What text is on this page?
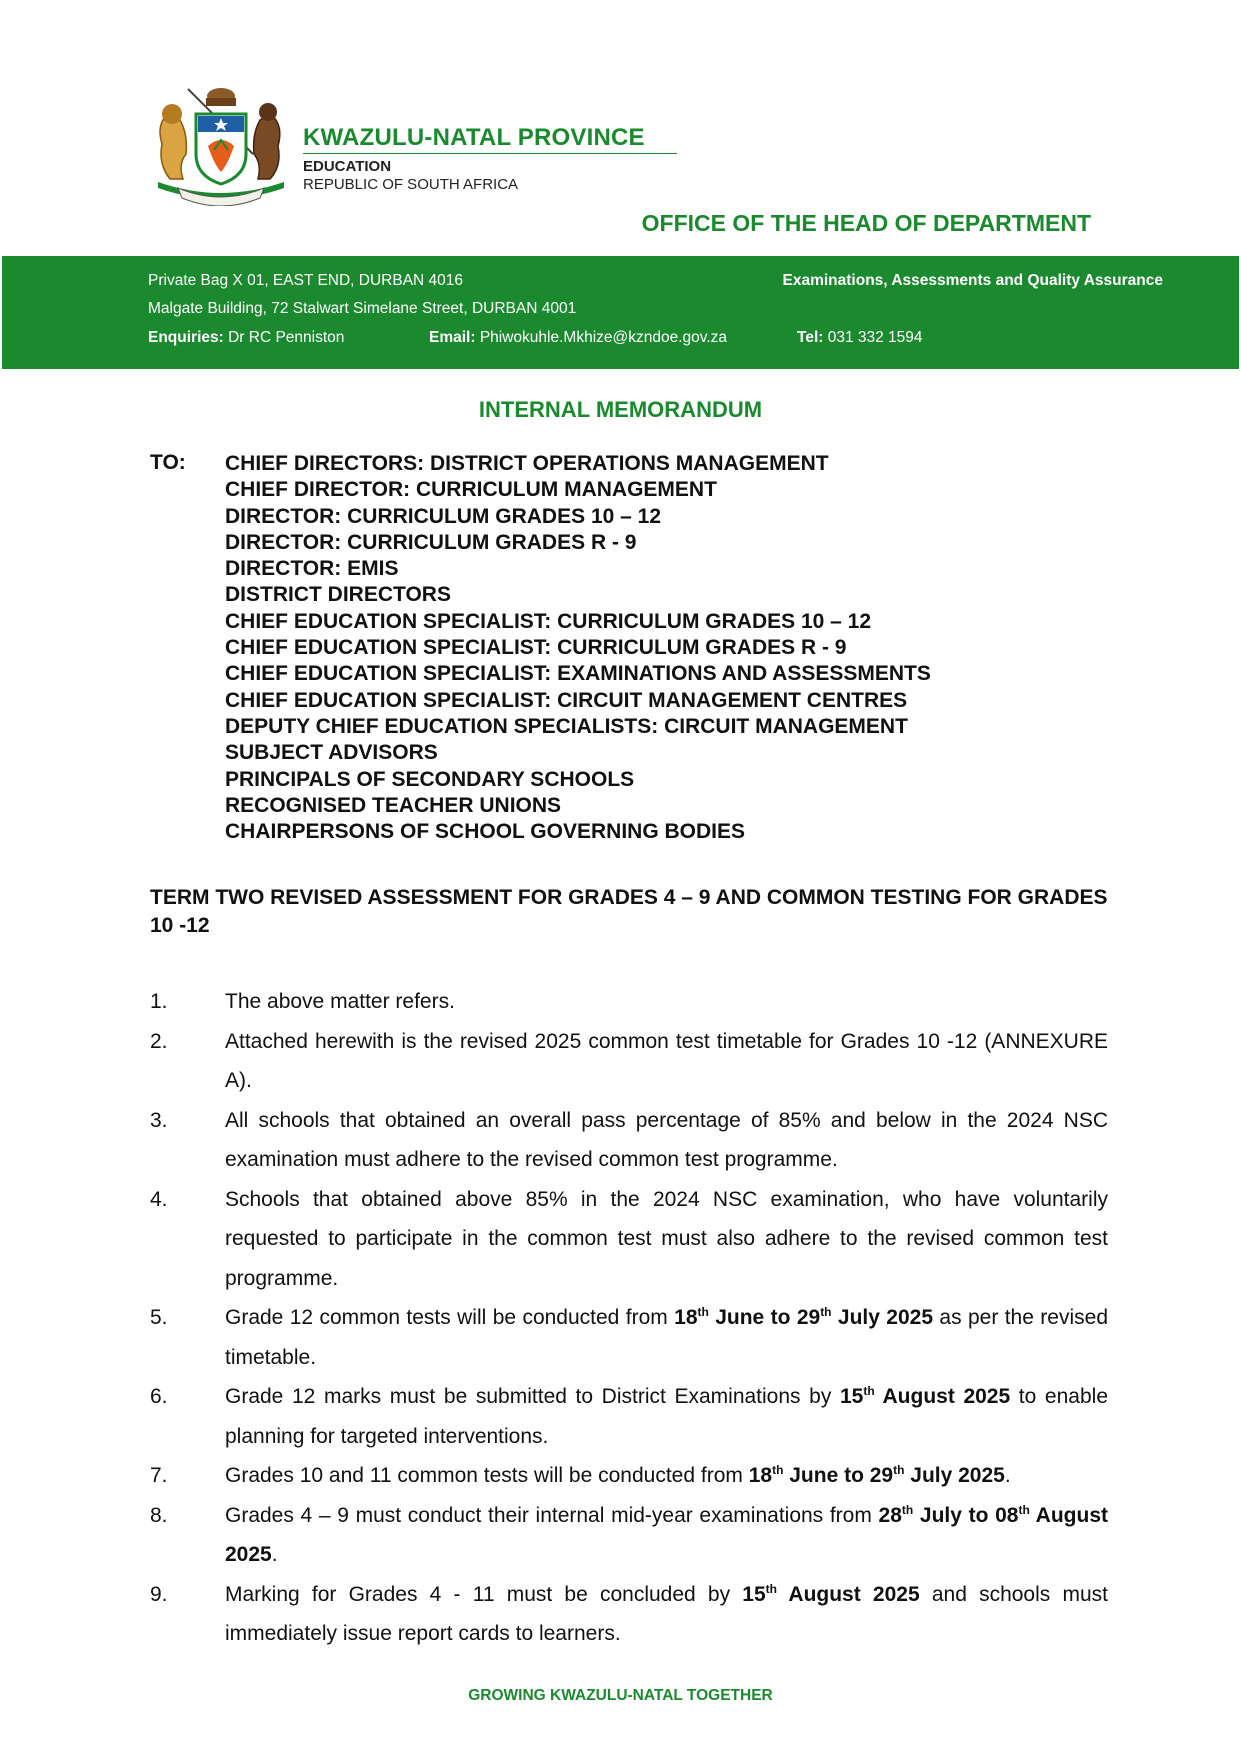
KWAZULU-NATAL PROVINCE
EDUCATION
REPUBLIC OF SOUTH AFRICA
OFFICE OF THE HEAD OF DEPARTMENT
Private Bag X 01, EAST END, DURBAN 4016	Examinations, Assessments and Quality Assurance
Malgate Building, 72 Stalwart Simelane Street, DURBAN 4001
Enquiries: Dr RC Penniston	Email: Phiwokuhle.Mkhize@kzndoe.gov.za	Tel: 031 332 1594
INTERNAL MEMORANDUM
TO: CHIEF DIRECTORS: DISTRICT OPERATIONS MANAGEMENT
CHIEF DIRECTOR: CURRICULUM MANAGEMENT
DIRECTOR: CURRICULUM GRADES 10 – 12
DIRECTOR: CURRICULUM GRADES R - 9
DIRECTOR: EMIS
DISTRICT DIRECTORS
CHIEF EDUCATION SPECIALIST: CURRICULUM GRADES 10 – 12
CHIEF EDUCATION SPECIALIST: CURRICULUM GRADES R - 9
CHIEF EDUCATION SPECIALIST: EXAMINATIONS AND ASSESSMENTS
CHIEF EDUCATION SPECIALIST: CIRCUIT MANAGEMENT CENTRES
DEPUTY CHIEF EDUCATION SPECIALISTS: CIRCUIT MANAGEMENT
SUBJECT ADVISORS
PRINCIPALS OF SECONDARY SCHOOLS
RECOGNISED TEACHER UNIONS
CHAIRPERSONS OF SCHOOL GOVERNING BODIES
TERM TWO REVISED ASSESSMENT FOR GRADES 4 – 9 AND COMMON TESTING FOR GRADES 10 -12
1.	The above matter refers.
2.	Attached herewith is the revised 2025 common test timetable for Grades 10 -12 (ANNEXURE A).
3.	All schools that obtained an overall pass percentage of 85% and below in the 2024 NSC examination must adhere to the revised common test programme.
4.	Schools that obtained above 85% in the 2024 NSC examination, who have voluntarily requested to participate in the common test must also adhere to the revised common test programme.
5.	Grade 12 common tests will be conducted from 18th June to 29th July 2025 as per the revised timetable.
6.	Grade 12 marks must be submitted to District Examinations by 15th August 2025 to enable planning for targeted interventions.
7.	Grades 10 and 11 common tests will be conducted from 18th June to 29th July 2025.
8.	Grades 4 – 9 must conduct their internal mid-year examinations from 28th July to 08th August 2025.
9.	Marking for Grades 4 - 11 must be concluded by 15th August 2025 and schools must immediately issue report cards to learners.
GROWING KWAZULU-NATAL TOGETHER
